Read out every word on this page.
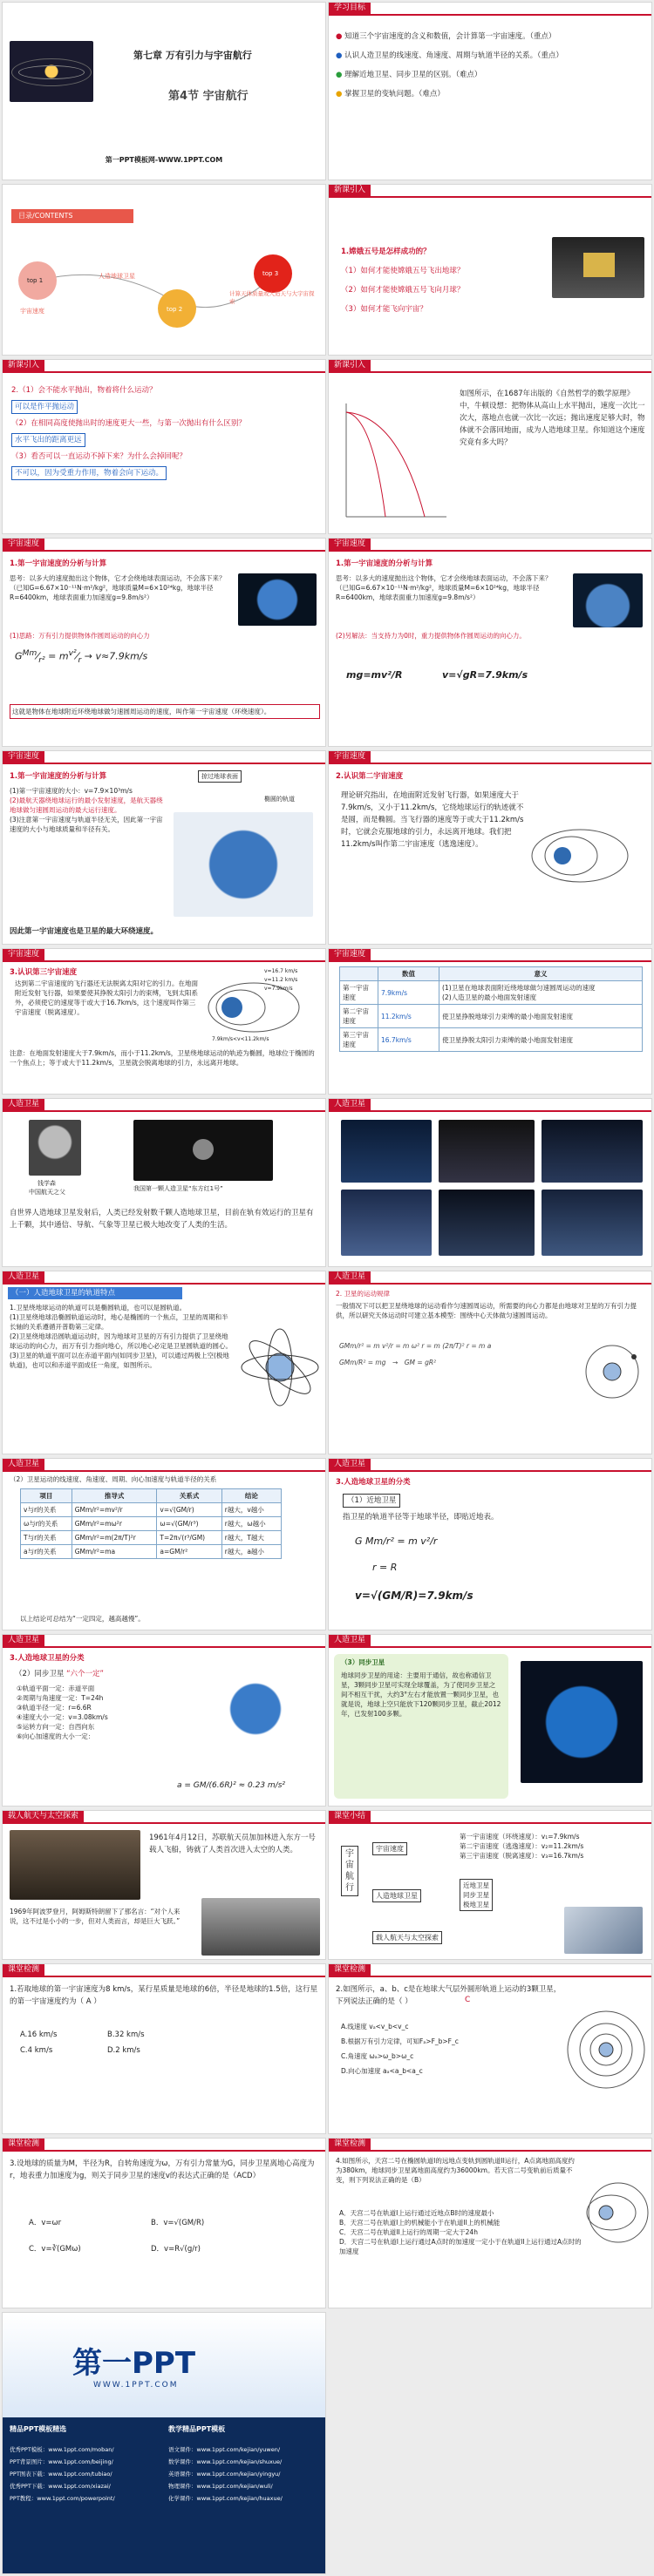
第七章 万有引力与宇宙航行
第4节 宇宙航行
第一PPT模板网-WWW.1PPT.COM
学习目标
● 知道三个宇宙速度的含义和数值，会计算第一宇宙速度。（重点）
● 认识人造卫星的线速度、角速度、周期与轨道半径的关系。（重点）
● 理解近地卫星、同步卫星的区别。（难点）
● 掌握卫星的变轨问题。（难点）
目录/CONTENTS
top 1
top 2
top 3
人造地球卫星
宇宙速度
计算天体质量或人造天与大宇宙探索
新课引入
1.嫦娥五号是怎样成功的？
（1）如何才能使嫦娥五号飞出地球？
（2）如何才能使嫦娥五号飞向月球？
（3）如何才能飞向宇宙？
新课引入
2.（1）会不能水平抛出，物着将什么运动？
可以是作平抛运动
（2）在相同高度使抛出时的速度更大一些，与第一次抛出有什么区别？
水平飞出的距离更远
（3）看否可以一直运动不掉下来？为什么会掉回呢？
不可以，因为受重力作用，物着会向下运动。
新课引入
如图所示，在1687年出版的《自然哲学的数学原理》中，牛顿设想：把物体从高山上水平抛出，速度一次比一次大，落地点也就一次比一次远；抛出速度足够大时，物体就不会落回地面，成为人造地球卫星。你知道这个速度究竟有多大吗？
宇宙速度
1.第一宇宙速度的分析与计算
思考：以多大的速度抛出这个物体，它才会绕地球表面运动，不会落下来？（已知G=6.67×10⁻¹¹N·m²/kg²，地球质量M=6×10²⁴kg，地球半径R=6400km，地球表面重力加速度g=9.8m/s²）
(1)思路：万有引力提供物体作圆周运动的向心力
$G^{Mm}⁄_{r^2}$ = $m^{v^2}⁄_r \to v\approx 7.9km/s$
这就是物体在地球附近环绕地球做匀速圆周运动的速度，叫作第一宇宙速度（环绕速度）。
宇宙速度
1.第一宇宙速度的分析与计算
思考：以多大的速度抛出这个物体，它才会绕地球表面运动，不会落下来？（已知G=6.67×10⁻¹¹N·m²/kg²，地球质量M=6×10²⁴kg，地球半径R=6400km，地球表面重力加速度g=9.8m/s²）
(2)另解法：当支持力为0时，重力提供物体作圆周运动的向心力。
mg=mv²/R	v=√gR=7.9km/s
宇宙速度
1.第一宇宙速度的分析与计算
(1)第一宇宙速度的大小：v=7.9×10³m/s
(2)最航天器绕地球运行的最小发射速度，是航天器绕地球做匀速圆周运动的最大运行速度。
(3)注意第一宇宙速度与轨道半径无关，因此第一宇宙速度的大小与地球质量和半径有关。
掠过地球表面
椭圆的轨道
因此第一宇宙速度也是卫星的最大环绕速度。
宇宙速度
2.认识第二宇宙速度
理论研究指出，在地面附近发射飞行器，如果速度大于7.9km/s，又小于11.2km/s，它绕地球运行的轨迹就不是圆，而是椭圆。当飞行器的速度等于或大于11.2km/s时，它就会克服地球的引力，永远离开地球。我们把11.2km/s叫作第二宇宙速度（逃逸速度）。
宇宙速度
3.认识第三宇宙速度
达到第二宇宙速度的飞行器还无法脱离太阳对它的引力。在地面附近发射飞行器，如果要使其挣脱太阳引力的束缚，飞到太阳系外，必须使它的速度等于或大于16.7km/s，这个速度叫作第三宇宙速度（脱离速度）。
v=16.7 km/s
v=11.2 km/s
v=7.9km/s
7.9km/s<v<11.2km/s
注意：在地面发射速度大于7.9km/s，而小于11.2km/s，卫星绕地球运动的轨迹为椭圆，地球位于椭圆的一个焦点上；等于或大于11.2km/s，卫星就会脱离地球的引力，永远离开地球。
宇宙速度
	数值	意义
第一宇宙速度	7.9km/s	(1)卫星在地球表面附近绕地球做匀速圆周运动的速度
(2)人造卫星的最小地面发射速度
第二宇宙速度	11.2km/s	使卫星挣脱地球引力束缚的最小地面发射速度
第三宇宙速度	16.7km/s	使卫星挣脱太阳引力束缚的最小地面发射速度
人造卫星
钱学森
中国航天之父	我国第一颗人造卫星“东方红1号”
自世界人造地球卫星发射后，人类已经发射数千颗人造地球卫星，目前在轨有效运行的卫星有上千颗，其中通信、导航、气象等卫星已极大地改变了人类的生活。
人造卫星
人造卫星
（一）人造地球卫星的轨道特点
1.卫星绕地球运动的轨道可以是椭圆轨道，也可以是圆轨道。
(1)卫星绕地球沿椭圆轨道运动时，地心是椭圆的一个焦点，卫星的周期和半长轴的关系遵循开普勒第三定律。
(2)卫星绕地球沿圆轨道运动时，因为地球对卫星的万有引力提供了卫星绕地球运动的向心力，而万有引力指向地心，所以地心必定是卫星圆轨道的圆心。
(3)卫星的轨道平面可以在赤道平面内(如同步卫星)，可以通过两极上空(极地轨道)，也可以和赤道平面成任一角度，如图所示。
人造卫星
2. 卫星的运动规律
一般情况下可以把卫星绕地球的运动看作匀速圆周运动，所需要的向心力都是由地球对卫星的万有引力提供，所以研究天体运动时可建立基本模型：围绕中心天体做匀速圆周运动。
GMm/r² = m v²/r = m ω² r = m (2π/T)² r = m a
GMm/R² = mg　→　GM = gR²
人造卫星
（2）卫星运动的线速度、角速度、周期、向心加速度与轨道半径的关系
项目	推导式	关系式	结论
v与r的关系	GMm/r²=mv²/r	v=√(GM/r)	r越大，v越小
ω与r的关系	GMm/r²=mω²r	ω=√(GM/r³)	r越大，ω越小
T与r的关系	GMm/r²=m(2π/T)²r	T=2π√(r³/GM)	r越大，T越大
a与r的关系	GMm/r²=ma	a=GM/r²	r越大，a越小
以上结论可总结为“一定四定，越高越慢”。
人造卫星
3.人造地球卫星的分类
（1）近地卫星
指卫星的轨道半径等于地球半径，即贴近地表。
G Mm/r² = m v²/r
r = R
v=√(GM/R)=7.9km/s
人造卫星
3.人造地球卫星的分类
（2）同步卫星 “六个一定”
①轨道平面一定：赤道平面
②周期与角速度一定：T=24h
③轨道半径一定：r=6.6R
④速度大小一定：v=3.08km/s
⑤运转方向一定：自西向东
⑥向心加速度的大小一定：
a = GM/(6.6R)² ≈ 0.23 m/s²
人造卫星
（3）同步卫星
地球同步卫星的用途：主要用于通信，故也称通信卫星，3颗同步卫星可实现全球覆盖，为了使同步卫星之间不相互干扰，大约3°左右才能放置一颗同步卫星，也就是说，地球上空只能放下120颗同步卫星，截止2012年，已发射100多颗。
载人航天与太空探索
1961年4月12日，苏联航天员加加林进入东方一号载人飞船，铸就了人类首次进入太空的人类。
1969年阿波罗登月，阿姆斯特朗留下了那名言：“对个人来说，这不过是小小的一步，但对人类而言，却是巨大飞跃。”
课堂小结
宇宙航行
宇宙速度
人造地球卫星
载人航天与太空探索
第一宇宙速度（环绕速度）：v₁=7.9km/s
第二宇宙速度（逃逸速度）：v₂=11.2km/s
第三宇宙速度（脱离速度）：v₃=16.7km/s
近地卫星
同步卫星
极地卫星
课堂检测
1.若取地球的第一宇宙速度为8 km/s，某行星质量是地球的6倍，半径是地球的1.5倍，这行星的第一宇宙速度约为（ A ）
A.16 km/s	B.32 km/s
C.4 km/s	D.2 km/s
课堂检测
2.如图所示，a、b、c是在地球大气层外圆形轨道上运动的3颗卫星，下列说法正确的是（ ）	C
A.线速度 vₐ<v_b<v_c
B.根据万有引力定律，可知Fₐ>F_b>F_c
C.角速度 ωₐ>ω_b>ω_c
D.向心加速度 aₐ<a_b<a_c
课堂检测
3.设地球的质量为M，半径为R，自转角速度为ω，万有引力常量为G，同步卫星离地心高度为r，地表重力加速度为g，则关于同步卫星的速度v的表达式正确的是（ACD）
A．v=ωr	B．v=√(GM/R)
C．v=∛(GMω)	D．v=R√(g/r)
课堂检测
4.如图所示，天宫二号在椭圆轨道I的远地点变轨到圆轨道II运行，A点离地面高度约为380km，地球同步卫星离地面高度约为36000km。若天宫二号变轨前后质量不变，则下列说法正确的是（B）
A．天宫二号在轨道I上运行通过近地点B时的速度最小
B．天宫二号在轨道I上的机械能小于在轨道II上的机械能
C．天宫二号在轨道II上运行的周期一定大于24h
D．天宫二号在轨道I上运行通过A点时的加速度一定小于在轨道II上运行通过A点时的加速度
第一PPT
WWW.1PPT.COM
精品PPT模板精选	教学精品PPT模板
优秀PPT模板：www.1ppt.com/moban/
PPT背景图片：www.1ppt.com/beijing/
PPT图表下载：www.1ppt.com/tubiao/
优秀PPT下载：www.1ppt.com/xiazai/
PPT教程：www.1ppt.com/powerpoint/
语文课件：www.1ppt.com/kejian/yuwen/
数学课件：www.1ppt.com/kejian/shuxue/
英语课件：www.1ppt.com/kejian/yingyu/
物理课件：www.1ppt.com/kejian/wuli/
化学课件：www.1ppt.com/kejian/huaxue/
